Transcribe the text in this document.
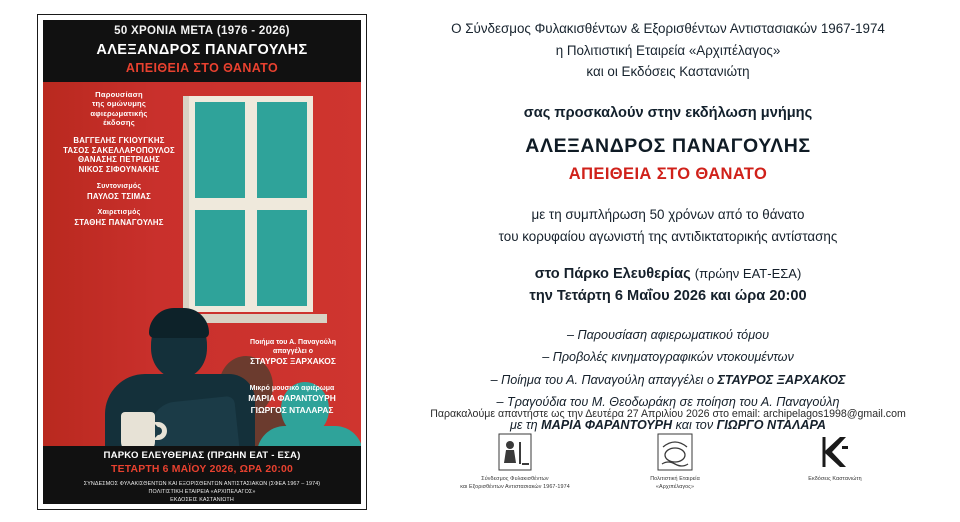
50 ΧΡΟΝΙΑ ΜΕΤΑ (1976 - 2026)
ΑΛΕΞΑΝΔΡΟΣ ΠΑΝΑΓΟΥΛΗΣ
ΑΠΕΙΘΕΙΑ ΣΤΟ ΘΑΝΑΤΟ
Παρουσίαση
της ομώνυμης
αφιερωματικής
έκδοσης
ΒΑΓΓΕΛΗΣ ΓΚΙΟΥΓΚΗΣ
ΤΑΣΟΣ ΣΑΚΕΛΛΑΡΟΠΟΥΛΟΣ
ΘΑΝΑΣΗΣ ΠΕΤΡΙΔΗΣ
ΝΙΚΟΣ ΣΙΦΟΥΝΑΚΗΣ
Συντονισμός
ΠΑΥΛΟΣ ΤΣΙΜΑΣ
Χαιρετισμός
ΣΤΑΘΗΣ ΠΑΝΑΓΟΥΛΗΣ
Ποιήμα του Α. Παναγούλη
απαγγέλει ο
ΣΤΑΥΡΟΣ ΞΑΡΧΑΚΟΣ
Μικρό μουσικό αφιέρωμα
ΜΑΡΙΑ ΦΑΡΑΝΤΟΥΡΗ
ΓΙΩΡΓΟΣ ΝΤΑΛΑΡΑΣ
ΠΑΡΚΟ ΕΛΕΥΘΕΡΙΑΣ (ΠΡΩΗΝ ΕΑΤ - ΕΣΑ)
ΤΕΤΑΡΤΗ 6 ΜΑΪΟΥ 2026, ΩΡΑ 20:00
ΣΥΝΔΕΣΜΟΣ ΦΥΛΑΚΙΣΘΕΝΤΩΝ ΚΑΙ ΕΞΟΡΙΣΘΕΝΤΩΝ ΑΝΤΙΣΤΑΣΙΑΚΩΝ (ΣΦΕΑ 1967 – 1974)
ΠΟΛΙΤΙΣΤΙΚΗ ΕΤΑΙΡΕΙΑ «ΑΡΧΙΠΕΛΑΓΟΣ»
ΕΚΔΟΣΕΙΣ ΚΑΣΤΑΝΙΩΤΗ
Ο Σύνδεσμος Φυλακισθέντων & Εξορισθέντων Αντιστασιακών 1967-1974
η Πολιτιστική Εταιρεία «Αρχιπέλαγος»
και οι Εκδόσεις Καστανιώτη
σας προσκαλούν στην εκδήλωση μνήμης
ΑΛΕΞΑΝΔΡΟΣ ΠΑΝΑΓΟΥΛΗΣ
ΑΠΕΙΘΕΙΑ ΣΤΟ ΘΑΝΑΤΟ
με τη συμπλήρωση 50 χρόνων από το θάνατο
του κορυφαίου αγωνιστή της αντιδικτατορικής αντίστασης
στο Πάρκο Ελευθερίας (πρώην ΕΑΤ-ΕΣΑ)
την Τετάρτη 6 Μαΐου 2026 και ώρα 20:00
– Παρουσίαση αφιερωματικού τόμου
– Προβολές κινηματογραφικών ντοκουμέντων
– Ποίημα του Α. Παναγούλη απαγγέλει ο ΣΤΑΥΡΟΣ ΞΑΡΧΑΚΟΣ
– Τραγούδια του Μ. Θεοδωράκη σε ποίηση του Α. Παναγούλη
με τη ΜΑΡΙΑ ΦΑΡΑΝΤΟΥΡΗ και τον ΓΙΩΡΓΟ ΝΤΑΛΑΡΑ
Παρακαλούμε απαντήστε ως την Δευτέρα 27 Απριλίου 2026 στο email: archipelagos1998@gmail.com
Σύνδεσμος Φυλακισθέντων
και Εξορισθέντων Αντιστασιακών 1967-1974
Πολιτιστική Εταιρεία
«Αρχιπέλαγος»
Εκδόσεις Καστανιώτη
